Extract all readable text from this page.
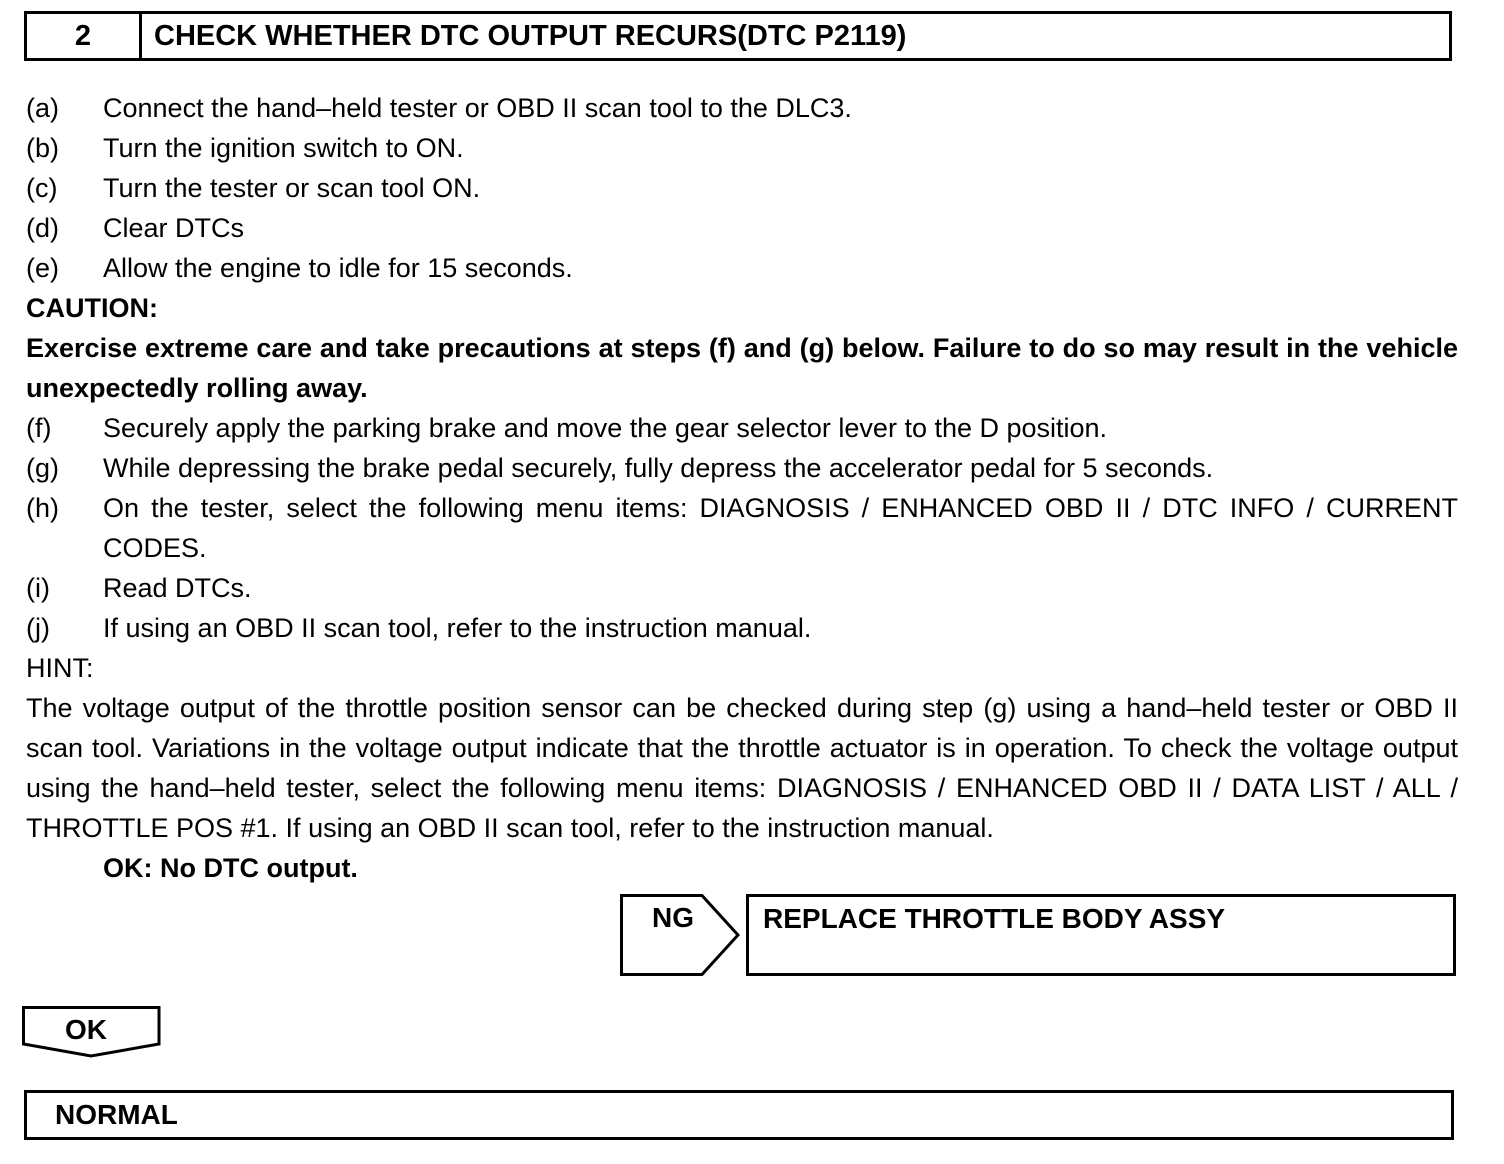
2	CHECK WHETHER DTC OUTPUT RECURS(DTC P2119)
(a)	Connect the hand–held tester or OBD II scan tool to the DLC3.
(b)	Turn the ignition switch to ON.
(c)	Turn the tester or scan tool ON.
(d)	Clear DTCs
(e)	Allow the engine to idle for 15 seconds.
CAUTION:
Exercise extreme care and take precautions at steps (f) and (g) below. Failure to do so may result in the vehicle unexpectedly rolling away.
(f)	Securely apply the parking brake and move the gear selector lever to the D position.
(g)	While depressing the brake pedal securely, fully depress the accelerator pedal for 5 seconds.
(h)	On the tester, select the following menu items: DIAGNOSIS / ENHANCED OBD II / DTC INFO / CURRENT CODES.
(i)	Read DTCs.
(j)	If using an OBD II scan tool, refer to the instruction manual.
HINT:
The voltage output of the throttle position sensor can be checked during step (g) using a hand–held tester or OBD II scan tool. Variations in the voltage output indicate that the throttle actuator is in operation. To check the voltage output using the hand–held tester, select the following menu items: DIAGNOSIS / ENHANCED OBD II / DATA LIST / ALL / THROTTLE POS #1. If using an OBD II scan tool, refer to the instruction manual.
OK: No DTC output.
NG	REPLACE THROTTLE BODY ASSY
OK
NORMAL
